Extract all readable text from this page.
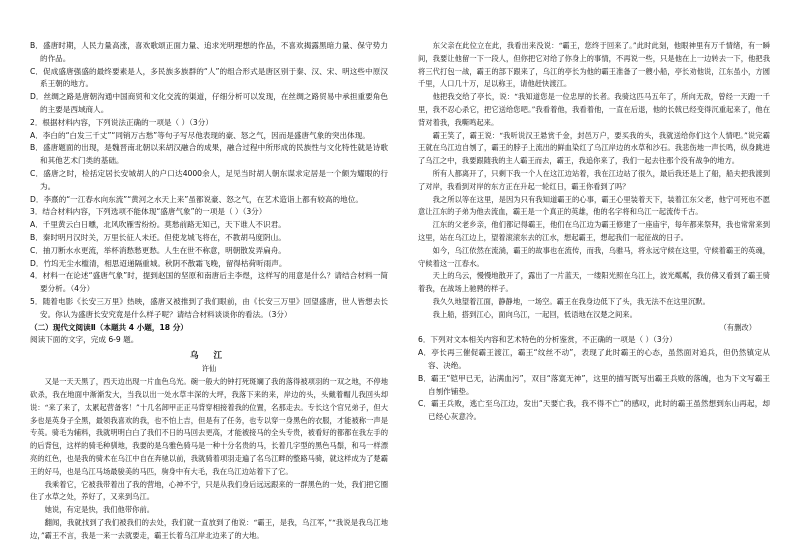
B．盛唐时期，人民力量高涨，喜欢歌颂正面力量、追求光明理想的作品，不喜欢揭露黑暗力量、保守势力的作品。

C．促成盛唐强盛的最终要素是人，多民族多族群的“人”的组合形式是唐区别于秦、汉、宋、明这些中原汉系王朝的地方。

D．丝绸之路是唐朝沟通中国商贸和文化交流的渠道，仔细分析可以发现，在丝绸之路贸易中承担重要角色的主要是西域商人。

2．根据材料内容，下列说法正确的一项是（ ）（3分）

A．李白的“白发三千丈”“同销万古愁”等句子写尽他表现的豪、怒之气，因而是盛唐气象的突出体现。

B．盛唐题面的出现，是魏晋南北朝以来胡汉融合的成果，融合过程中所形成的民族性与文化特性就是诗歌和其他艺术门类的基础。

C．盛唐之时，检括定居长安城胡人的户口达4000余人，足见当时胡人朝东谋求定居是一个颇为耀眼的行为。

D．李熹的“一江春水向东流”“黄河之水天上来”虽都说豪、怒之气，在艺术造诣上都有较高的地位。

3．结合材料内容，下列选项不能体现“盛唐气象”的一项是（ ）（3分）

A．千里黄云白日曛，北风吹雁雪纷纷。莫愁前路无知己，天下谁人不识君。

B．秦时明月汉时关，万里长征人未还。但使龙城飞将在，不教胡马度阴山。

C．抽刀断水水更流，举杯消愁愁更愁。人生在世不称意，明朝散发弄扁舟。

D．竹坞无尘水槛清，相思迢递隔重城。秋阴不散霜飞晚，留得枯荷听雨声。

4．材料一在论述“盛唐气象”时，提到赵国的坚原和南唐后主李煜，这样写的用意是什么？请结合材料一简要分析。（4分）

5．随着电影《长安三万里》热映，盛唐又被推到了我们眼前，由《长安三万里》回望盛唐，世人皆想去长安。你认为盛唐长安究竟是什么样子呢？请结合材料谈谈你的看法。（3分）

（二）现代文阅读Ⅱ（本题共 4 小题，18 分）

阅读下面的文字，完成 6-9 题。

乌 江

许仙

又是一天天黑了，西天边出现一片血色乌光。碗一般大的钟打死斑斓了我的落得被项羽的一双之地，不停地砍杀，我在地面中渐渐发大，当我以出一处水草丰深的大坪，我落下来的来，岸边的头，头戴着帽儿我回头却说：“来了来了，太累起营备客！”十几名卸甲正正马背穿相接着我的位置，名那走去。专长这个官兄弟子，但大多也是英身子全黑，最领我喜欢的我，也不怕上吉，但是有了任务，也专以穿一身黑色的衣服，才能被称一声是专英。骑毛为辅料，我就明明白白了我们不日的马回去更高，才能被接马的全头专贵，被看好的都都在我左手的的后背包，这样的骑毛种驯地，我要的是乌雅色骑马是一种十分名贵的马，长着几字型的黑色马鬃，和马一样漂亮的红色，也是我的骑术在乌江中自在奔驰以前，我就骑着项羽走遍了名乌江畔的整路马骑，就这样成为了楚霸王的好马，也是乌江马场最骏美的马匹，驹身中有大毛，我在乌江边站着下了它。

我乘着它，它被我带着出了我的营地，心神不宁，只是从我们身后远远跟来的一群黑色的一处，我们把它圈住了水草之处，养好了，又来到乌江。

她说，有定是快，我们他带你前。

翻闻，我就找到了我们被我们的去处，我们就一直放到了他说：“霸王，是我，乌江军，”“我说是我乌江地边，”霸王不言，我是一来一去就要走，霸王长着乌江岸北边来了的大地。

东父亲在此位立在此，我看出来没说：“霸王，您终于回来了。”此时此刻，他眼神里有万千情绪，有一瞬间，我要让他留一下一段人，但你把它对给了你身上的事情，不再说一些，只是他在上一边转去一下，他把我将三代打包一战，霸王的部下跟来了，乌江的亭长为他的霸王准备了一艘小船，亭长劝他说，江东虽小，方圆千里，人口几十万，足以称王，请他赶快渡江。

他把我交给了亭长，说：“我知道您是一位忠厚的长者。我骑这匹马五年了，所向无敌，曾经一天跑一千里，我不忍心杀它，把它送给您吧。”我看着他，我看着他，一直在后退，他的长戟已经变得沉重起来了，他在背对着我，我嘶鸣起来。

霸王笑了，霸王说：“我听说汉王悬赏千金，封邑万户，要买我的头，我就送给你们这个人情吧。”说完霸王就在乌江边自刎了，霸王的脖子上流出的鲜血染红了乌江岸边的水草和沙石。我悲伤地一声长鸣，纵身跳进了乌江之中，我要跟随我的主人霸王而去，霸王，我追你来了，我们一起去往那个没有战争的地方。

所有人都离开了，只剩下我一个人在这江边站着，我在江边站了很久，最后我还是上了船，船夫把我渡到了对岸，我看到对岸的东方正在升起一轮红日，霸王你看到了吗？

我之所以等在这里，是因为只有我知道霸王的心事，霸王心里装着天下，装着江东父老，他宁可死也不愿意让江东的子弟为他去流血，霸王是一个真正的英雄，他的名字将和乌江一起流传千古。

江东的父老乡亲，他们都记得霸王，他们在乌江边为霸王修建了一座庙宇，每年都来祭拜，我也常常来到这里，站在乌江边上，望着滚滚东去的江水，想起霸王，想起我们一起征战的日子。

如今，乌江依然在流淌，霸王的故事也在流传，而我，乌骓马，将永远守候在这里，守候着霸王的英魂，守候着这一江春水。

天上的乌云，慢慢地散开了，露出了一片蓝天，一缕阳光照在乌江上，波光粼粼，我仿佛又看到了霸王骑着我，在战场上驰骋的样子。

我久久地望着江面，静静地，一场空。霸王在我身边低下了头，我无法不在这里沉默。

我上船，搭到江心，面向乌江，一起回，低语地在汉楚之间来。

（有删改）

6．下列对文本相关内容和艺术特色的分析鉴赏，不正确的一项是（ ）（3分）

A．亭长再三催促霸王渡江，霸王“纹丝不动”，表现了此时霸王的心态，虽然面对追兵，但仍然镇定从容、决绝。

B．霸王“铠甲已无，沾满血污”，双目“落寞无神”，这里的描写既写出霸王兵败的落魄，也为下文写霸王自刎作铺垫。

C．霸王兵败，逃亡至乌江边，发出“天要亡我，我不得不亡”的感叹，此时的霸王虽然想到东山再起，却已经心灰意冷。
